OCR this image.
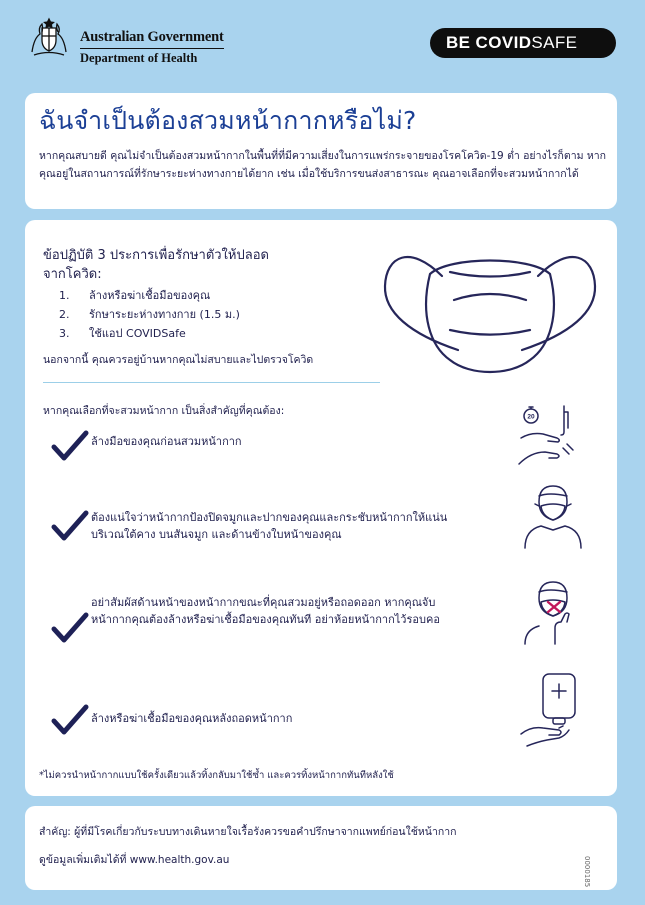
Australian Government
Department of Health
BE COVIDSAFE
ฉันจำเป็นต้องสวมหน้ากากหรือไม่?

หากคุณสบายดี คุณไม่จำเป็นต้องสวมหน้ากากในพื้นที่ที่มีความเสี่ยงในการแพร่กระจายของโรคโควิด-19 ต่ำ อย่างไรก็ตาม หากคุณอยู่ในสถานการณ์ที่รักษาระยะห่างทางกายได้ยาก เช่น เมื่อใช้บริการขนส่งสาธารณะ คุณอาจเลือกที่จะสวมหน้ากากได้

ข้อปฏิบัติ 3 ประการเพื่อรักษาตัวให้ปลอด จากโควิด:
1.	ล้างหรือฆ่าเชื้อมือของคุณ
2.	รักษาระยะห่างทางกาย (1.5 ม.)
3.	ใช้แอป COVIDSafe
นอกจากนี้ คุณควรอยู่บ้านหากคุณไม่สบายและไปตรวจโควิด
หากคุณเลือกที่จะสวมหน้ากาก เป็นสิ่งสำคัญที่คุณต้อง:
ล้างมือของคุณก่อนสวมหน้ากาก
20
ต้องแน่ใจว่าหน้ากากป้องปิดจมูกและปากของคุณและกระชับหน้ากากให้แน่นบริเวณใต้คาง บนสันจมูก และด้านข้างใบหน้าของคุณ
อย่าสัมผัสด้านหน้าของหน้ากากขณะที่คุณสวมอยู่หรือถอดออก หากคุณจับหน้ากากคุณต้องล้างหรือฆ่าเชื้อมือของคุณทันที อย่าห้อยหน้ากากไว้รอบคอ
ล้างหรือฆ่าเชื้อมือของคุณหลังถอดหน้ากาก
*ไม่ควรนำหน้ากากแบบใช้ครั้งเดียวแล้วทิ้งกลับมาใช้ซ้ำ และควรทิ้งหน้ากากทันทีหลังใช้
สำคัญ: ผู้ที่มีโรคเกี่ยวกับระบบทางเดินหายใจเรื้อรังควรขอคำปรึกษาจากแพทย์ก่อนใช้หน้ากาก
ดูข้อมูลเพิ่มเติมได้ที่ www.health.gov.au	0000185
